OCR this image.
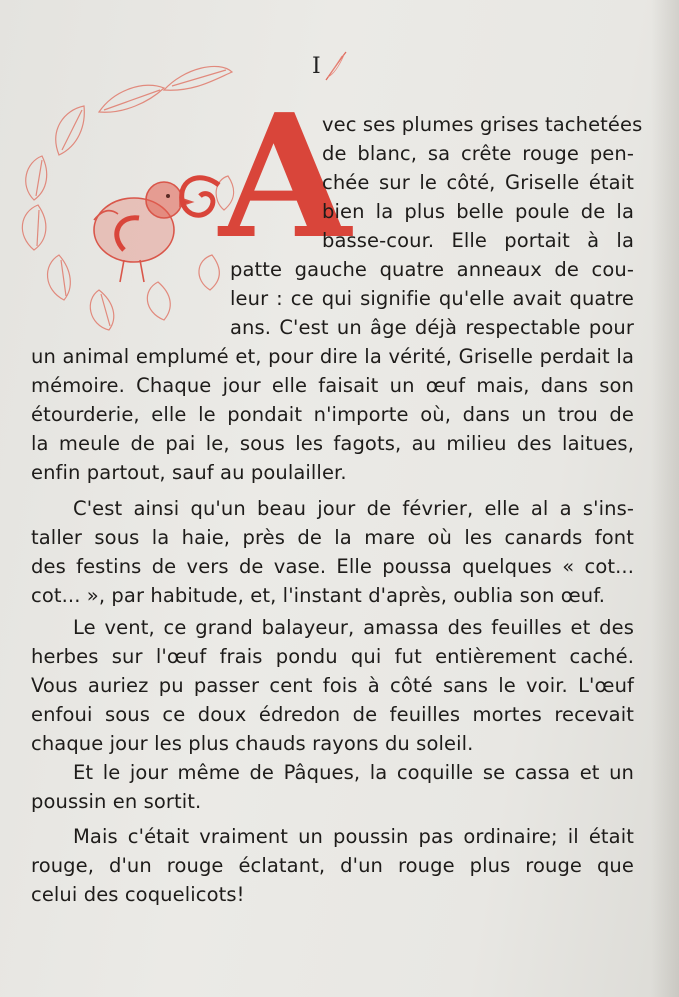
I
A
vec ses plumes grises tachetées
de blanc, sa crête rouge pen-
chée sur le côté, Griselle était
bien la plus belle poule de la
basse-cour. Elle portait à la
patte gauche quatre anneaux de cou-
leur : ce qui signifie qu'elle avait quatre
ans. C'est un âge déjà respectable pour
un animal emplumé et, pour dire la vérité, Griselle perdait la
mémoire. Chaque jour elle faisait un œuf mais, dans son
étourderie, elle le pondait n'importe où, dans un trou de
la meule de pai le, sous les fagots, au milieu des laitues,
enfin partout, sauf au poulailler.
C'est ainsi qu'un beau jour de février, elle al a s'ins-
taller sous la haie, près de la mare où les canards font
des festins de vers de vase. Elle poussa quelques « cot...
cot... », par habitude, et, l'instant d'après, oublia son œuf.
Le vent, ce grand balayeur, amassa des feuilles et des
herbes sur l'œuf frais pondu qui fut entièrement caché.
Vous auriez pu passer cent fois à côté sans le voir. L'œuf
enfoui sous ce doux édredon de feuilles mortes recevait
chaque jour les plus chauds rayons du soleil.
Et le jour même de Pâques, la coquille se cassa et un
poussin en sortit.
Mais c'était vraiment un poussin pas ordinaire; il était
rouge, d'un rouge éclatant, d'un rouge plus rouge que
celui des coquelicots!
